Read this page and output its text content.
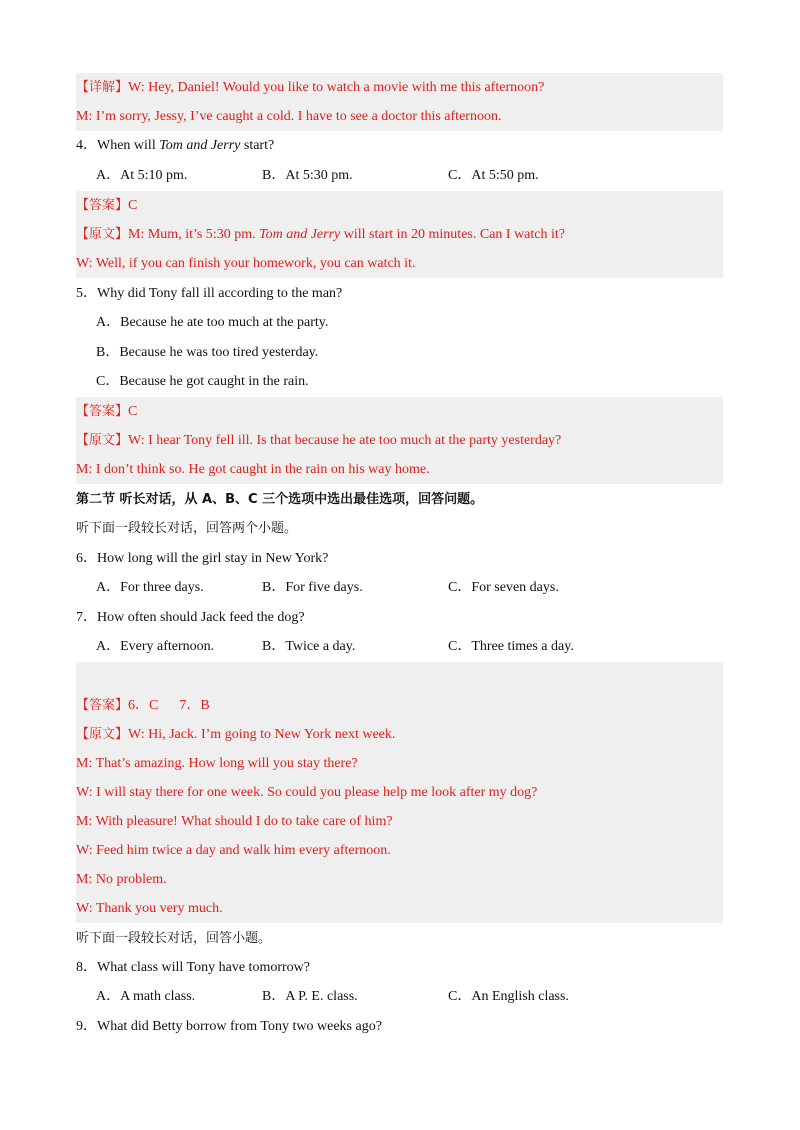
【详解】W: Hey, Daniel! Would you like to watch a movie with me this afternoon?
M: I’m sorry, Jessy, I’ve caught a cold. I have to see a doctor this afternoon.
4．When will Tom and Jerry start?
A．At 5:10 pm.	B．At 5:30 pm.	C．At 5:50 pm.
【答案】C
【原文】M: Mum, it’s 5:30 pm. Tom and Jerry will start in 20 minutes. Can I watch it?
W: Well, if you can finish your homework, you can watch it.
5．Why did Tony fall ill according to the man?
A．Because he ate too much at the party.
B．Because he was too tired yesterday.
C．Because he got caught in the rain.
【答案】C
【原文】W: I hear Tony fell ill. Is that because he ate too much at the party yesterday?
M: I don’t think so. He got caught in the rain on his way home.
第二节 听长对话，从 A、B、C 三个选项中选出最佳选项，回答问题。
听下面一段较长对话，回答两个小题。
6．How long will the girl stay in New York?
A．For three days.	B．For five days.	C．For seven days.
7．How often should Jack feed the dog?
A．Every afternoon.	B．Twice a day.	C．Three times a day.
【答案】6．C      7．B
【原文】W: Hi, Jack. I’m going to New York next week.
M: That’s amazing. How long will you stay there?
W: I will stay there for one week. So could you please help me look after my dog?
M: With pleasure! What should I do to take care of him?
W: Feed him twice a day and walk him every afternoon.
M: No problem.
W: Thank you very much.
听下面一段较长对话，回答小题。
8．What class will Tony have tomorrow?
A．A math class.	B．A P. E. class.	C．An English class.
9．What did Betty borrow from Tony two weeks ago?
